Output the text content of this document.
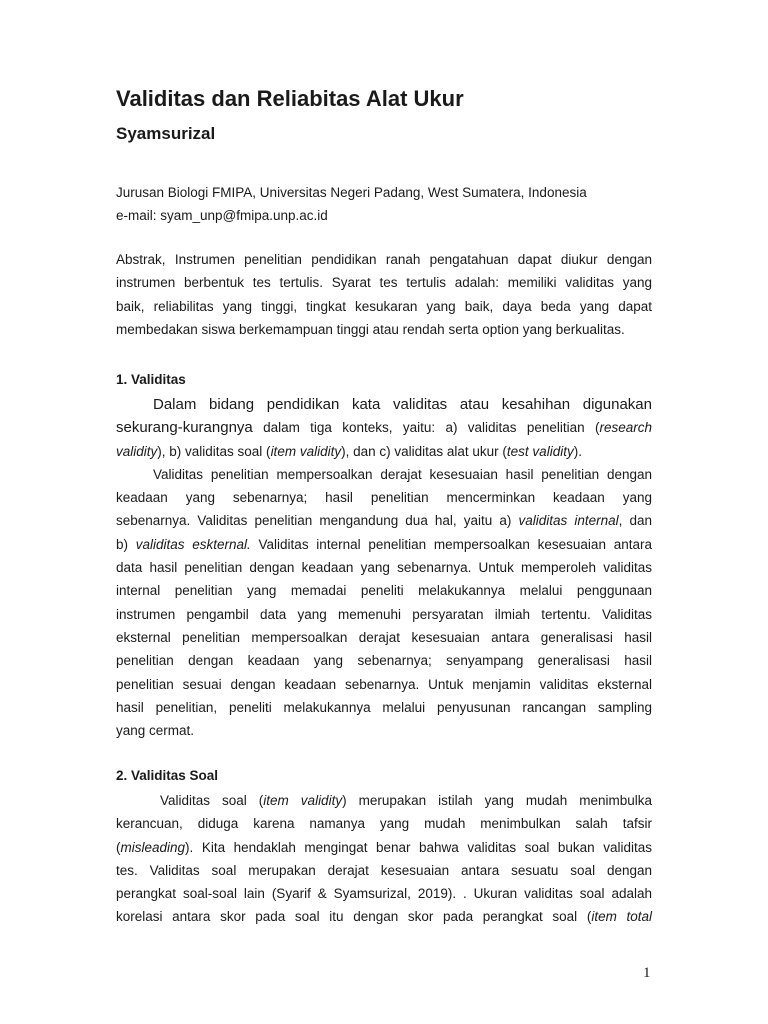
Validitas dan Reliabitas Alat Ukur

Syamsurizal

Jurusan Biologi FMIPA, Universitas Negeri Padang, West Sumatera, Indonesia
e-mail: syam_unp@fmipa.unp.ac.id

Abstrak, Instrumen penelitian pendidikan ranah pengatahuan dapat diukur dengan

instrumen berbentuk tes tertulis. Syarat tes tertulis adalah: memiliki validitas yang

baik, reliabilitas yang tinggi, tingkat kesukaran yang baik, daya beda yang dapat

membedakan siswa berkemampuan tinggi atau rendah serta option yang berkualitas.

1. Validitas

Dalam bidang pendidikan kata validitas atau kesahihan digunakan

sekurang-kurangnya dalam tiga konteks, yaitu: a) validitas penelitian (research

validity), b) validitas soal (item validity), dan c) validitas alat ukur (test validity).

Validitas penelitian mempersoalkan derajat kesesuaian hasil penelitian dengan

keadaan yang sebenarnya; hasil penelitian mencerminkan keadaan yang

sebenarnya. Validitas penelitian mengandung dua hal, yaitu a) validitas internal, dan

b) validitas eskternal. Validitas internal penelitian mempersoalkan kesesuaian antara

data hasil penelitian dengan keadaan yang sebenarnya. Untuk memperoleh validitas

internal penelitian yang memadai peneliti melakukannya melalui penggunaan

instrumen pengambil data yang memenuhi persyaratan ilmiah tertentu. Validitas

eksternal penelitian mempersoalkan derajat kesesuaian antara generalisasi hasil

penelitian dengan keadaan yang sebenarnya; senyampang generalisasi hasil

penelitian sesuai dengan keadaan sebenarnya. Untuk menjamin validitas eksternal

hasil penelitian, peneliti melakukannya melalui penyusunan rancangan sampling

yang cermat.

2. Validitas Soal

Validitas soal (item validity) merupakan istilah yang mudah menimbulka

kerancuan, diduga karena namanya yang mudah menimbulkan salah tafsir

(misleading). Kita hendaklah mengingat benar bahwa validitas soal bukan validitas

tes. Validitas soal merupakan derajat kesesuaian antara sesuatu soal dengan

perangkat soal-soal lain (Syarif & Syamsurizal, 2019). . Ukuran validitas soal adalah

korelasi antara skor pada soal itu dengan skor pada perangkat soal (item total

1
